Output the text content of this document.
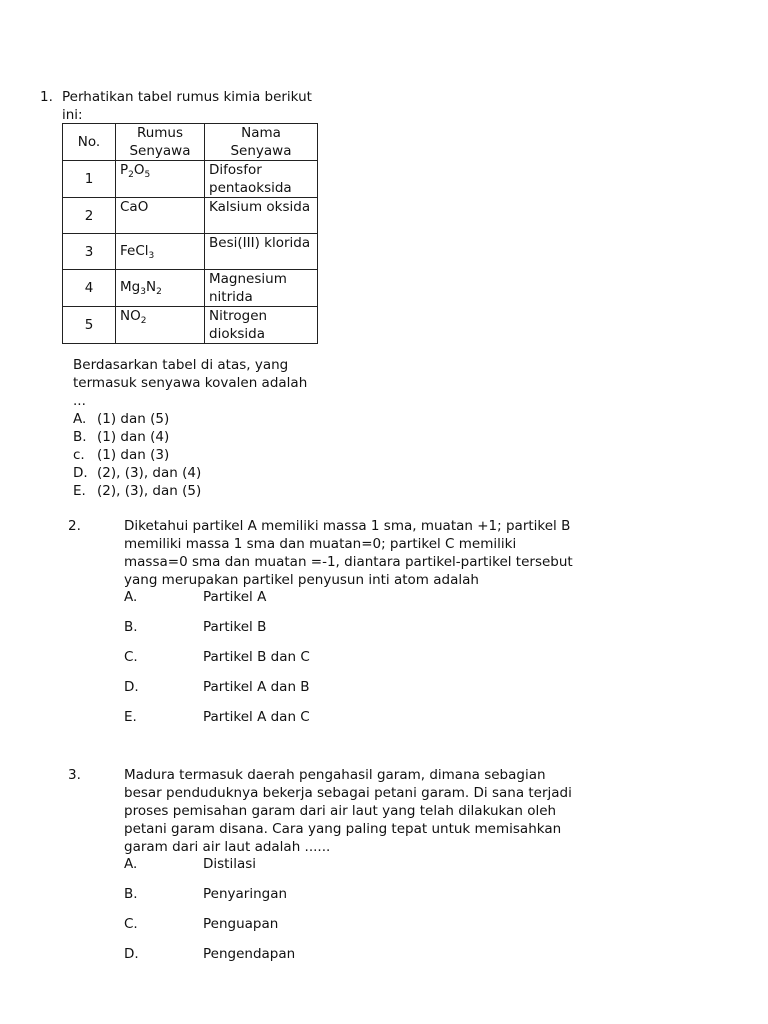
1. Perhatikan tabel rumus kimia berikut ini:
No.	Rumus Senyawa	Nama Senyawa
1	$P_2O_5$	Difosfor pentaoksida
2	CaO	Kalsium oksida
3	FeCl$_3$	Besi(III) klorida
4	$Mg_3N_2$	Magnesium nitrida
5	$NO_2$	Nitrogen dioksida
Berdasarkan tabel di atas, yang
termasuk senyawa kovalen adalah
...
A. (1) dan (5)
B. (1) dan (4)
c. (1) dan (3)
D. (2), (3), dan (4)
E. (2), (3), dan (5)
2.	Diketahui partikel A memiliki massa 1 sma, muatan +1; partikel B memiliki massa 1 sma dan muatan=0; partikel C memiliki massa=0 sma dan muatan =-1, diantara partikel-partikel tersebut yang merupakan partikel penyusun inti atom adalah
A.	Partikel A
B.	Partikel B
C.	Partikel B dan C
D.	Partikel A dan B
E.	Partikel A dan C
3.	Madura termasuk daerah pengahasil garam, dimana sebagian besar penduduknya bekerja sebagai petani garam. Di sana terjadi proses pemisahan garam dari air laut yang telah dilakukan oleh petani garam disana. Cara yang paling tepat untuk memisahkan garam dari air laut adalah ......
A.	Distilasi
B.	Penyaringan
C.	Penguapan
D.	Pengendapan
